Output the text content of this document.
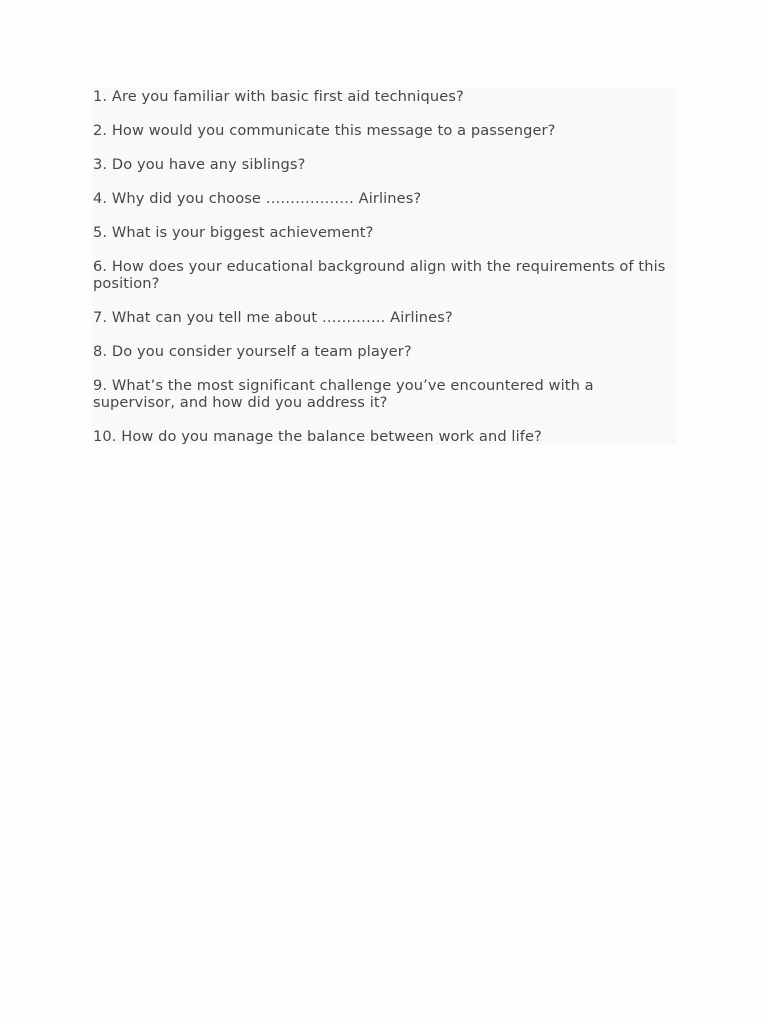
1. Are you familiar with basic first aid techniques?
2. How would you communicate this message to a passenger?
3. Do you have any siblings?
4. Why did you choose ……………… Airlines?
5. What is your biggest achievement?
6. How does your educational background align with the requirements of this position?
7. What can you tell me about …………. Airlines?
8. Do you consider yourself a team player?
9. What’s the most significant challenge you’ve encountered with a supervisor, and how did you address it?
10. How do you manage the balance between work and life?
